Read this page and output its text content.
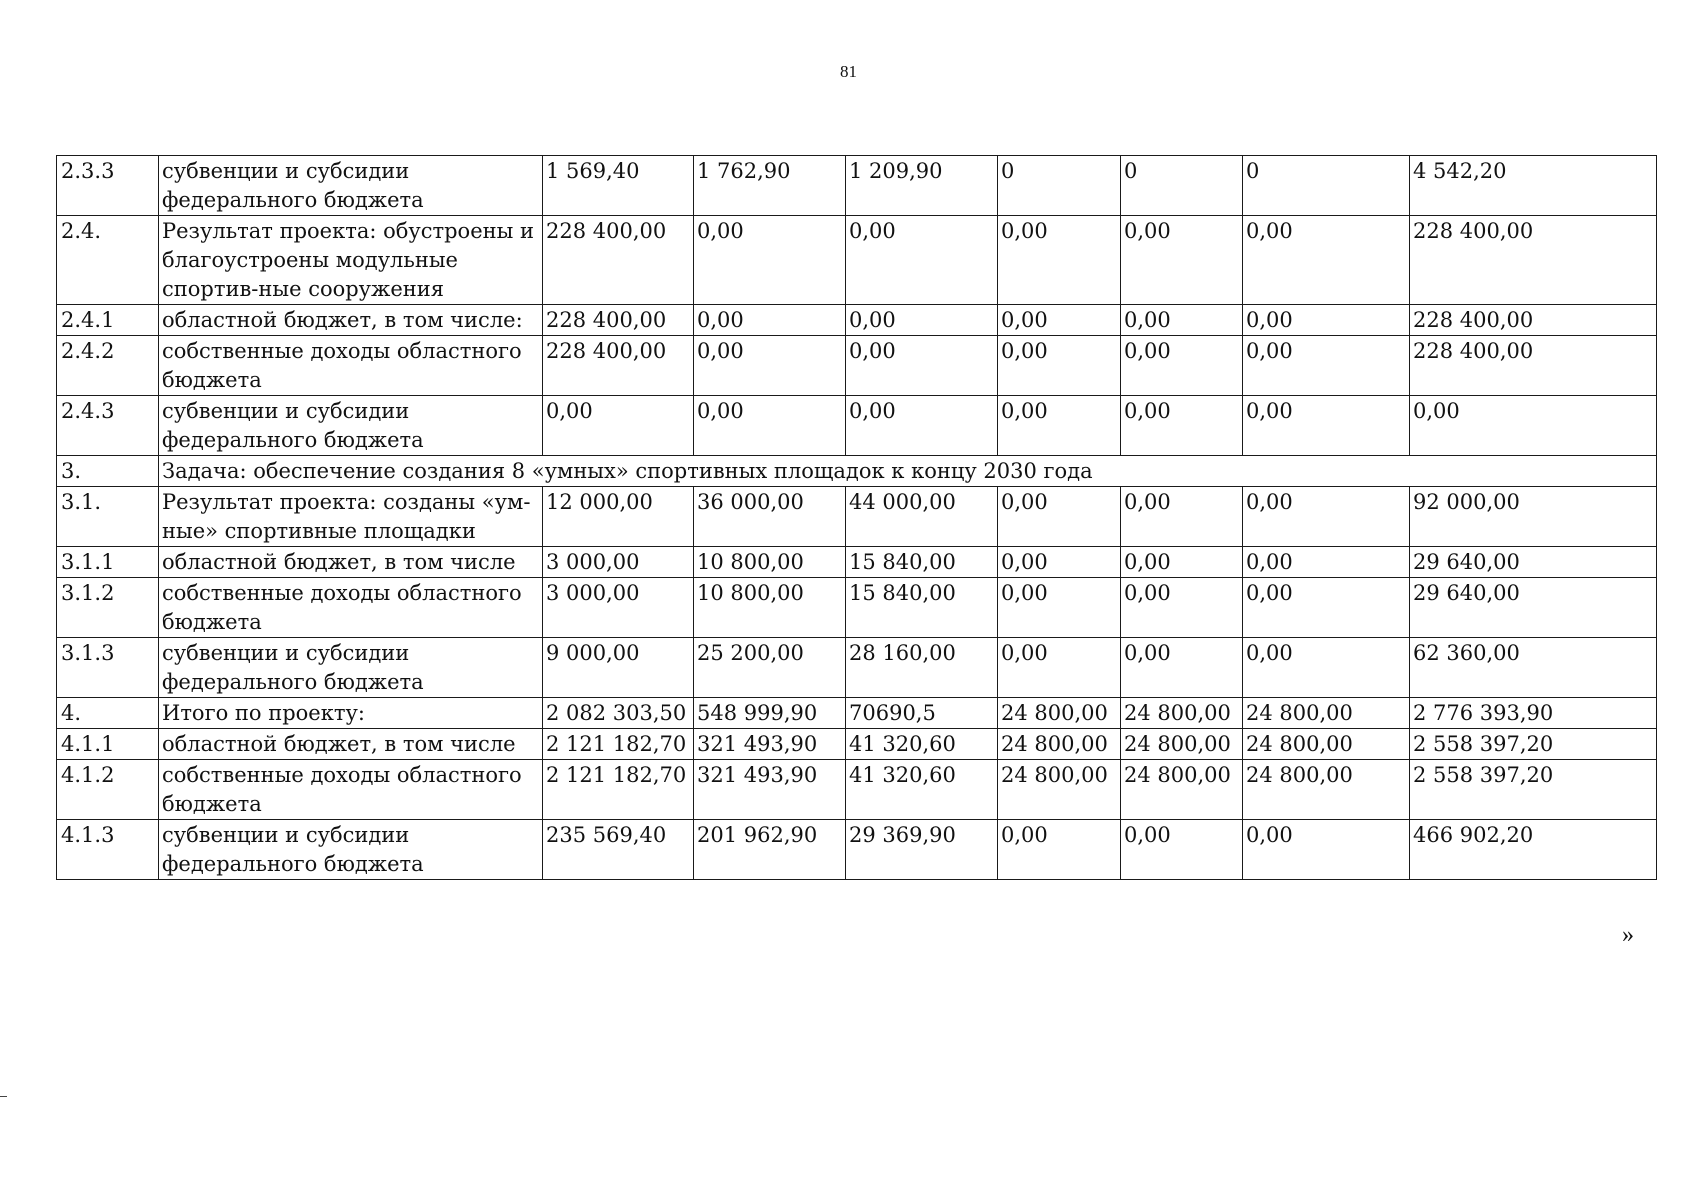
81
2.3.3	субвенции и субсидии федерального бюджета	1 569,40	1 762,90	1 209,90	0	0	0	4 542,20
2.4.	Результат проекта: обустроены и благоустроены модульные спортив-ные сооружения	228 400,00	0,00	0,00	0,00	0,00	0,00	228 400,00
2.4.1	областной бюджет, в том числе:	228 400,00	0,00	0,00	0,00	0,00	0,00	228 400,00
2.4.2	собственные доходы областного бюджета	228 400,00	0,00	0,00	0,00	0,00	0,00	228 400,00
2.4.3	субвенции и субсидии федерального бюджета	0,00	0,00	0,00	0,00	0,00	0,00	0,00
3.	Задача: обеспечение создания 8 «умных» спортивных площадок к концу 2030 года							
3.1.	Результат проекта: созданы «ум-ные» спортивные площадки	12 000,00	36 000,00	44 000,00	0,00	0,00	0,00	92 000,00
3.1.1	областной бюджет, в том числе	3 000,00	10 800,00	15 840,00	0,00	0,00	0,00	29 640,00
3.1.2	собственные доходы областного бюджета	3 000,00	10 800,00	15 840,00	0,00	0,00	0,00	29 640,00
3.1.3	субвенции и субсидии федерального бюджета	9 000,00	25 200,00	28 160,00	0,00	0,00	0,00	62 360,00
4.	Итого по проекту:	2 082 303,50	548 999,90	70690,5	24 800,00	24 800,00	24 800,00	2 776 393,90
4.1.1	областной бюджет, в том числе	2 121 182,70	321 493,90	41 320,60	24 800,00	24 800,00	24 800,00	2 558 397,20
4.1.2	собственные доходы областного бюджета	2 121 182,70	321 493,90	41 320,60	24 800,00	24 800,00	24 800,00	2 558 397,20
4.1.3	субвенции и субсидии федерального бюджета	235 569,40	201 962,90	29 369,90	0,00	0,00	0,00	466 902,20
»
